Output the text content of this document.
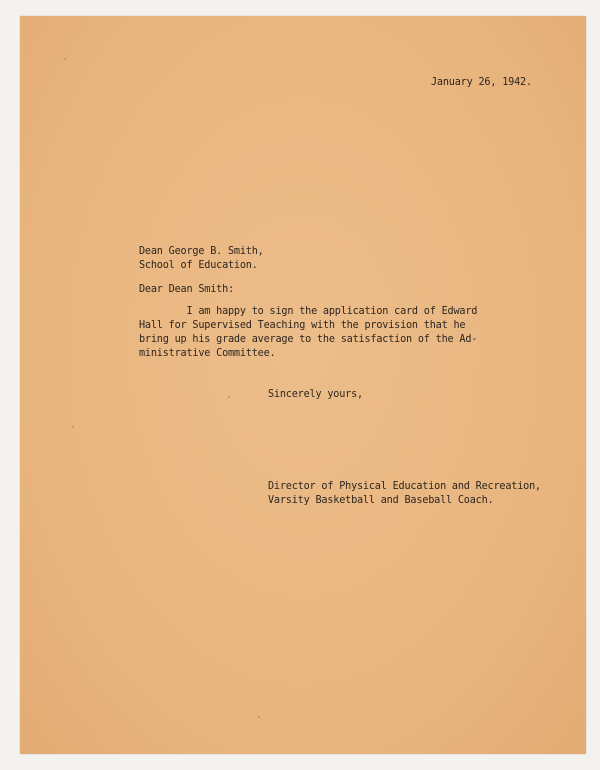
January 26, 1942.
Dean George B. Smith,
School of Education.
Dear Dean Smith:
I am happy to sign the application card of Edward
Hall for Supervised Teaching with the provision that he
bring up his grade average to the satisfaction of the Ad-
ministrative Committee.
Sincerely yours,
Director of Physical Education and Recreation,
Varsity Basketball and Baseball Coach.
